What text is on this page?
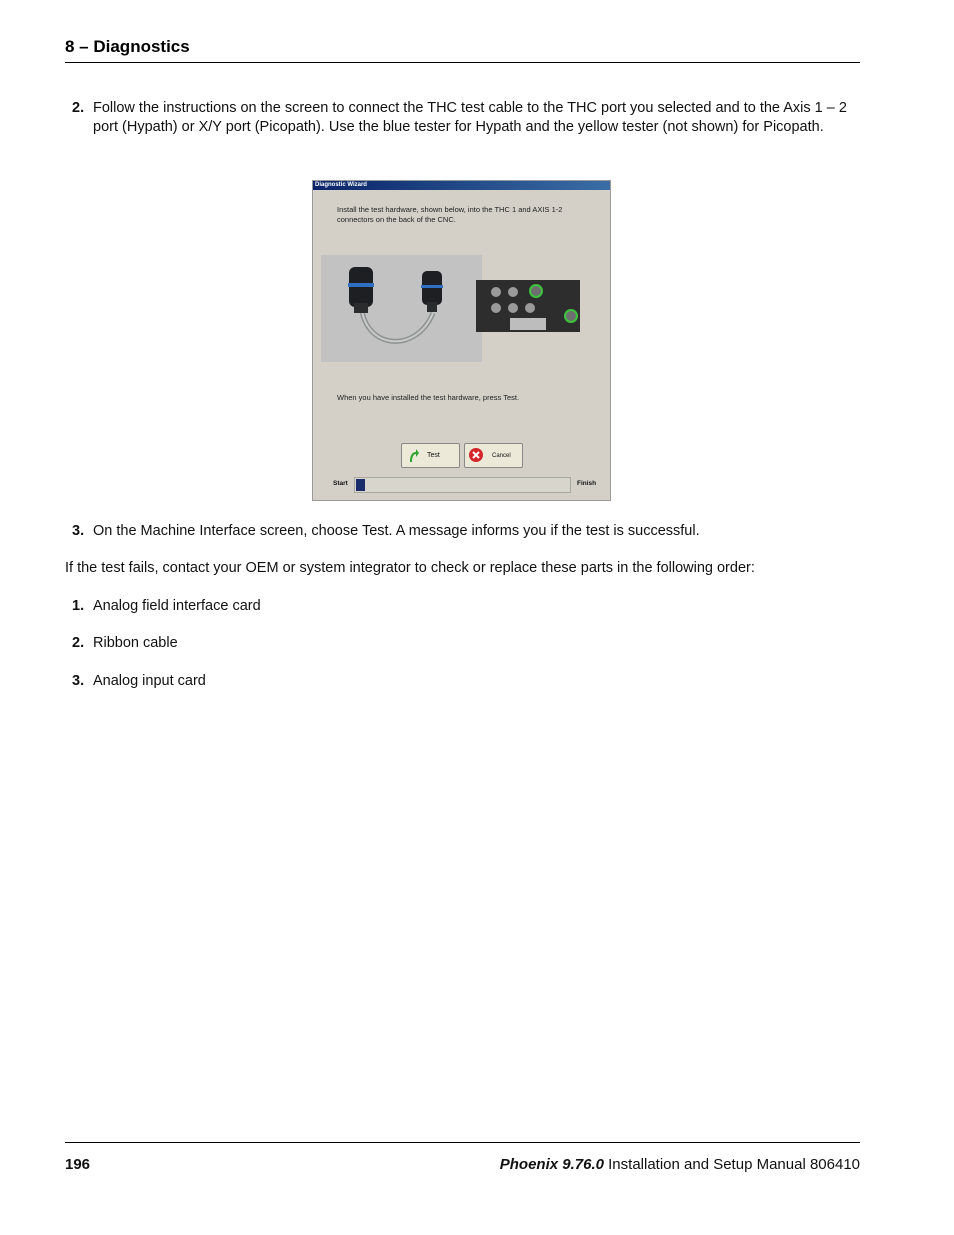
8 – Diagnostics
2. Follow the instructions on the screen to connect the THC test cable to the THC port you selected and to the Axis 1 – 2 port (Hypath) or X/Y port (Picopath). Use the blue tester for Hypath and the yellow tester (not shown) for Picopath.
Diagnostic Wizard
Install the test hardware, shown below, into the THC 1 and AXIS 1-2 connectors on the back of the CNC.
When you have installed the test hardware, press Test.
Test	Cancel
Start	Finish
3. On the Machine Interface screen, choose Test. A message informs you if the test is successful.
If the test fails, contact your OEM or system integrator to check or replace these parts in the following order:
1. Analog field interface card
2. Ribbon cable
3. Analog input card
196	Phoenix 9.76.0 Installation and Setup Manual 806410
